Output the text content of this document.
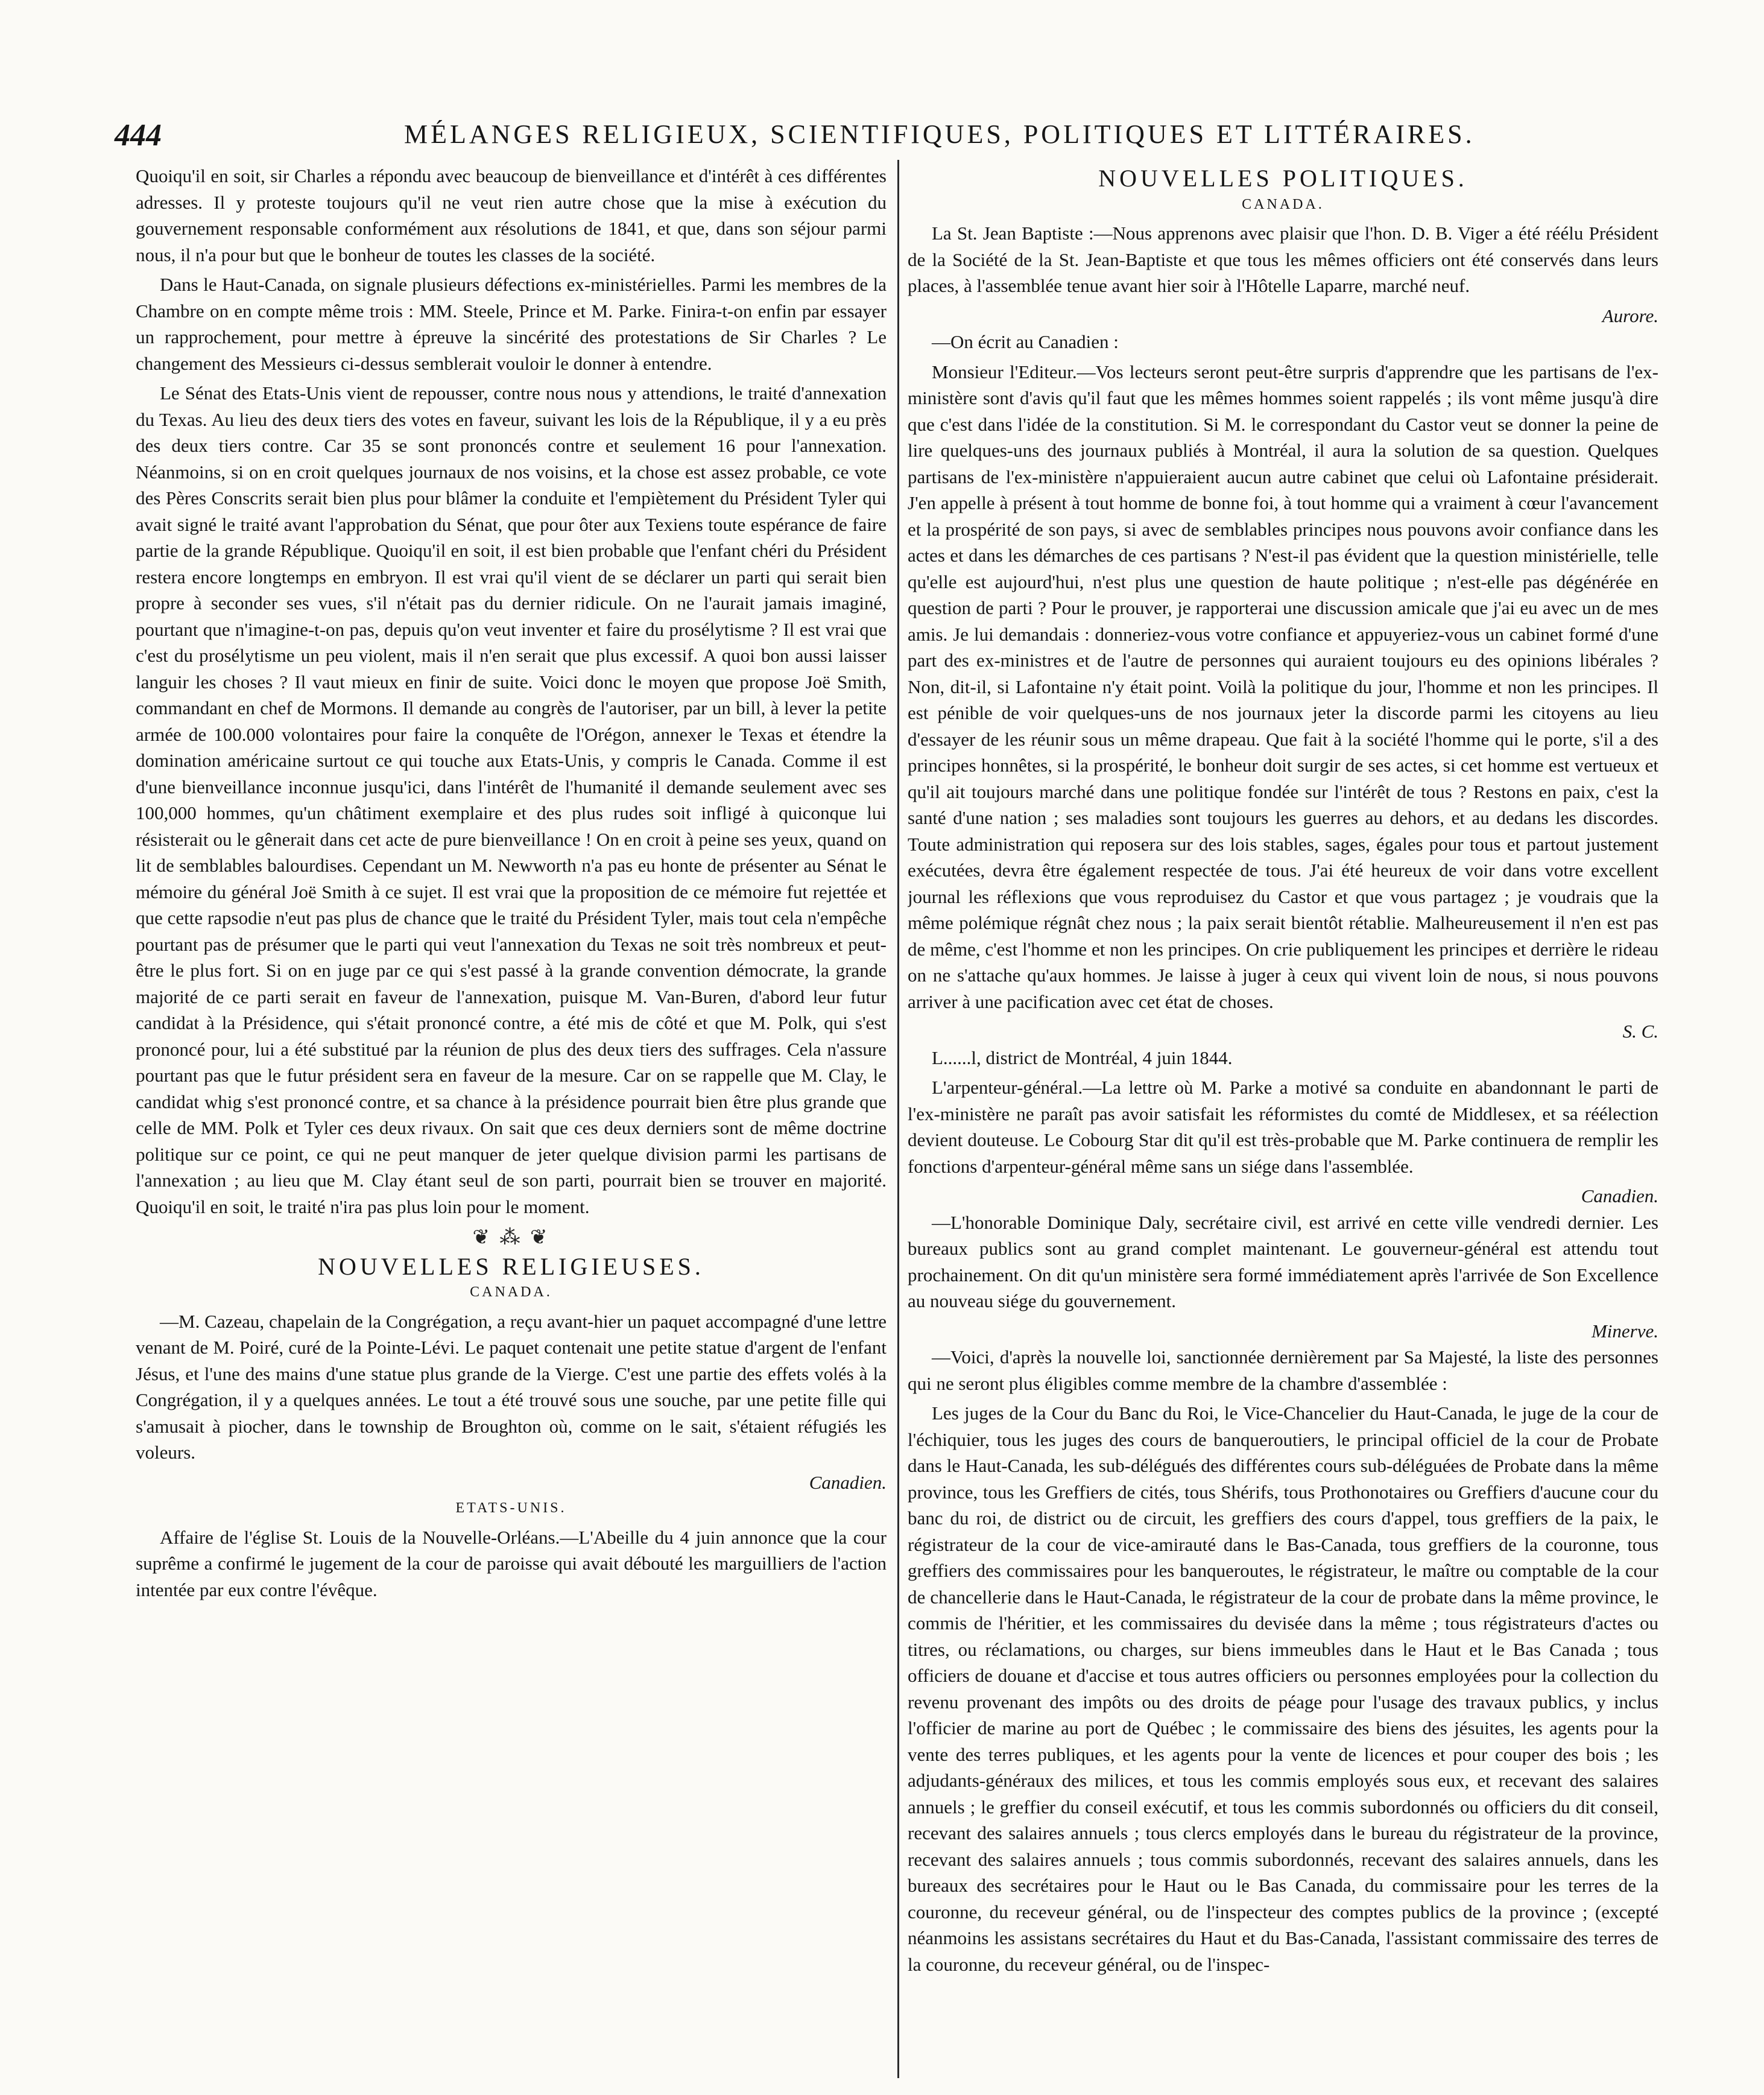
444	MÉLANGES RELIGIEUX, SCIENTIFIQUES, POLITIQUES ET LITTÉRAIRES.

Quoiqu'il en soit, sir Charles a répondu avec beaucoup de bienveillance et d'intérêt à ces différentes adresses. Il y proteste toujours qu'il ne veut rien autre chose que la mise à exécution du gouvernement responsable conformément aux résolutions de 1841, et que, dans son séjour parmi nous, il n'a pour but que le bonheur de toutes les classes de la société.

Dans le Haut-Canada, on signale plusieurs défections ex-ministérielles. Parmi les membres de la Chambre on en compte même trois : MM. Steele, Prince et M. Parke. Finira-t-on enfin par essayer un rapprochement, pour mettre à épreuve la sincérité des protestations de Sir Charles ? Le changement des Messieurs ci-dessus semblerait vouloir le donner à entendre.

Le Sénat des Etats-Unis vient de repousser, contre nous nous y attendions, le traité d'annexation du Texas. Au lieu des deux tiers des votes en faveur, suivant les lois de la République, il y a eu près des deux tiers contre. Car 35 se sont prononcés contre et seulement 16 pour l'annexation. Néanmoins, si on en croit quelques journaux de nos voisins, et la chose est assez probable, ce vote des Pères Conscrits serait bien plus pour blâmer la conduite et l'empiètement du Président Tyler qui avait signé le traité avant l'approbation du Sénat, que pour ôter aux Texiens toute espérance de faire partie de la grande République. Quoiqu'il en soit, il est bien probable que l'enfant chéri du Président restera encore longtemps en embryon. Il est vrai qu'il vient de se déclarer un parti qui serait bien propre à seconder ses vues, s'il n'était pas du dernier ridicule. On ne l'aurait jamais imaginé, pourtant que n'imagine-t-on pas, depuis qu'on veut inventer et faire du prosélytisme ? Il est vrai que c'est du prosélytisme un peu violent, mais il n'en serait que plus excessif. A quoi bon aussi laisser languir les choses ? Il vaut mieux en finir de suite. Voici donc le moyen que propose Joë Smith, commandant en chef de Mormons. Il demande au congrès de l'autoriser, par un bill, à lever la petite armée de 100.000 volontaires pour faire la conquête de l'Orégon, annexer le Texas et étendre la domination américaine surtout ce qui touche aux Etats-Unis, y compris le Canada. Comme il est d'une bienveillance inconnue jusqu'ici, dans l'intérêt de l'humanité il demande seulement avec ses 100,000 hommes, qu'un châtiment exemplaire et des plus rudes soit infligé à quiconque lui résisterait ou le gênerait dans cet acte de pure bienveillance ! On en croit à peine ses yeux, quand on lit de semblables balourdises. Cependant un M. Newworth n'a pas eu honte de présenter au Sénat le mémoire du général Joë Smith à ce sujet. Il est vrai que la proposition de ce mémoire fut rejettée et que cette rapsodie n'eut pas plus de chance que le traité du Président Tyler, mais tout cela n'empêche pourtant pas de présumer que le parti qui veut l'annexation du Texas ne soit très nombreux et peut-être le plus fort. Si on en juge par ce qui s'est passé à la grande convention démocrate, la grande majorité de ce parti serait en faveur de l'annexation, puisque M. Van-Buren, d'abord leur futur candidat à la Présidence, qui s'était prononcé contre, a été mis de côté et que M. Polk, qui s'est prononcé pour, lui a été substitué par la réunion de plus des deux tiers des suffrages. Cela n'assure pourtant pas que le futur président sera en faveur de la mesure. Car on se rappelle que M. Clay, le candidat whig s'est prononcé contre, et sa chance à la présidence pourrait bien être plus grande que celle de MM. Polk et Tyler ces deux rivaux. On sait que ces deux derniers sont de même doctrine politique sur ce point, ce qui ne peut manquer de jeter quelque division parmi les partisans de l'annexation ; au lieu que M. Clay étant seul de son parti, pourrait bien se trouver en majorité. Quoiqu'il en soit, le traité n'ira pas plus loin pour le moment.

❦ ⁂ ❦
NOUVELLES RELIGIEUSES.
CANADA.

—M. Cazeau, chapelain de la Congrégation, a reçu avant-hier un paquet accompagné d'une lettre venant de M. Poiré, curé de la Pointe-Lévi. Le paquet contenait une petite statue d'argent de l'enfant Jésus, et l'une des mains d'une statue plus grande de la Vierge. C'est une partie des effets volés à la Congrégation, il y a quelques années. Le tout a été trouvé sous une souche, par une petite fille qui s'amusait à piocher, dans le township de Broughton où, comme on le sait, s'étaient réfugiés les voleurs.

Canadien.
ETATS-UNIS.

Affaire de l'église St. Louis de la Nouvelle-Orléans.—L'Abeille du 4 juin annonce que la cour suprême a confirmé le jugement de la cour de paroisse qui avait débouté les marguilliers de l'action intentée par eux contre l'évêque.

NOUVELLES POLITIQUES.
CANADA.

La St. Jean Baptiste :—Nous apprenons avec plaisir que l'hon. D. B. Viger a été réélu Président de la Société de la St. Jean-Baptiste et que tous les mêmes officiers ont été conservés dans leurs places, à l'assemblée tenue avant hier soir à l'Hôtelle Laparre, marché neuf.

Aurore.

—On écrit au Canadien :

Monsieur l'Editeur.—Vos lecteurs seront peut-être surpris d'apprendre que les partisans de l'ex-ministère sont d'avis qu'il faut que les mêmes hommes soient rappelés ; ils vont même jusqu'à dire que c'est dans l'idée de la constitution. Si M. le correspondant du Castor veut se donner la peine de lire quelques-uns des journaux publiés à Montréal, il aura la solution de sa question. Quelques partisans de l'ex-ministère n'appuieraient aucun autre cabinet que celui où Lafontaine présiderait. J'en appelle à présent à tout homme de bonne foi, à tout homme qui a vraiment à cœur l'avancement et la prospérité de son pays, si avec de semblables principes nous pouvons avoir confiance dans les actes et dans les démarches de ces partisans ? N'est-il pas évident que la question ministérielle, telle qu'elle est aujourd'hui, n'est plus une question de haute politique ; n'est-elle pas dégénérée en question de parti ? Pour le prouver, je rapporterai une discussion amicale que j'ai eu avec un de mes amis. Je lui demandais : donneriez-vous votre confiance et appuyeriez-vous un cabinet formé d'une part des ex-ministres et de l'autre de personnes qui auraient toujours eu des opinions libérales ? Non, dit-il, si Lafontaine n'y était point. Voilà la politique du jour, l'homme et non les principes. Il est pénible de voir quelques-uns de nos journaux jeter la discorde parmi les citoyens au lieu d'essayer de les réunir sous un même drapeau. Que fait à la société l'homme qui le porte, s'il a des principes honnêtes, si la prospérité, le bonheur doit surgir de ses actes, si cet homme est vertueux et qu'il ait toujours marché dans une politique fondée sur l'intérêt de tous ? Restons en paix, c'est la santé d'une nation ; ses maladies sont toujours les guerres au dehors, et au dedans les discordes. Toute administration qui reposera sur des lois stables, sages, égales pour tous et partout justement exécutées, devra être également respectée de tous. J'ai été heureux de voir dans votre excellent journal les réflexions que vous reproduisez du Castor et que vous partagez ; je voudrais que la même polémique régnât chez nous ; la paix serait bientôt rétablie. Malheureusement il n'en est pas de même, c'est l'homme et non les principes. On crie publiquement les principes et derrière le rideau on ne s'attache qu'aux hommes. Je laisse à juger à ceux qui vivent loin de nous, si nous pouvons arriver à une pacification avec cet état de choses.

S. C.

L......l, district de Montréal, 4 juin 1844.

L'arpenteur-général.—La lettre où M. Parke a motivé sa conduite en abandonnant le parti de l'ex-ministère ne paraît pas avoir satisfait les réformistes du comté de Middlesex, et sa réélection devient douteuse. Le Cobourg Star dit qu'il est très-probable que M. Parke continuera de remplir les fonctions d'arpenteur-général même sans un siége dans l'assemblée.

Canadien.

—L'honorable Dominique Daly, secrétaire civil, est arrivé en cette ville vendredi dernier. Les bureaux publics sont au grand complet maintenant. Le gouverneur-général est attendu tout prochainement. On dit qu'un ministère sera formé immédiatement après l'arrivée de Son Excellence au nouveau siége du gouvernement.

Minerve.

—Voici, d'après la nouvelle loi, sanctionnée dernièrement par Sa Majesté, la liste des personnes qui ne seront plus éligibles comme membre de la chambre d'assemblée :

Les juges de la Cour du Banc du Roi, le Vice-Chancelier du Haut-Canada, le juge de la cour de l'échiquier, tous les juges des cours de banqueroutiers, le principal officiel de la cour de Probate dans le Haut-Canada, les sub-délégués des différentes cours sub-déléguées de Probate dans la même province, tous les Greffiers de cités, tous Shérifs, tous Prothonotaires ou Greffiers d'aucune cour du banc du roi, de district ou de circuit, les greffiers des cours d'appel, tous greffiers de la paix, le régistrateur de la cour de vice-amirauté dans le Bas-Canada, tous greffiers de la couronne, tous greffiers des commissaires pour les banqueroutes, le régistrateur, le maître ou comptable de la cour de chancellerie dans le Haut-Canada, le régistrateur de la cour de probate dans la même province, le commis de l'héritier, et les commissaires du devisée dans la même ; tous régistrateurs d'actes ou titres, ou réclamations, ou charges, sur biens immeubles dans le Haut et le Bas Canada ; tous officiers de douane et d'accise et tous autres officiers ou personnes employées pour la collection du revenu provenant des impôts ou des droits de péage pour l'usage des travaux publics, y inclus l'officier de marine au port de Québec ; le commissaire des biens des jésuites, les agents pour la vente des terres publiques, et les agents pour la vente de licences et pour couper des bois ; les adjudants-généraux des milices, et tous les commis employés sous eux, et recevant des salaires annuels ; le greffier du conseil exécutif, et tous les commis subordonnés ou officiers du dit conseil, recevant des salaires annuels ; tous clercs employés dans le bureau du régistrateur de la province, recevant des salaires annuels ; tous commis subordonnés, recevant des salaires annuels, dans les bureaux des secrétaires pour le Haut ou le Bas Canada, du commissaire pour les terres de la couronne, du receveur général, ou de l'inspecteur des comptes publics de la province ; (excepté néanmoins les assistans secrétaires du Haut et du Bas-Canada, l'assistant commissaire des terres de la couronne, du receveur général, ou de l'inspec-
